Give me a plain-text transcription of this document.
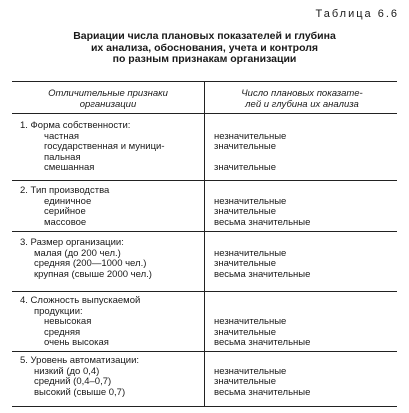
Таблица 6.6
Вариации числа плановых показателей и глубина
их анализа, обоснования, учета и контроля
по разным признакам организации
Отличительные признаки
организации
Число плановых показате-
лей и глубина их анализа
1. Форма собственности:
частная
государственная и муници-
пальная
смешанная
незначительные
значительные
значительные
2. Тип производства
единичное
серийное
массовое
незначительные
значительные
весьма значительные
3. Размер организации:
малая (до 200 чел.)
средняя (200—1000 чел.)
крупная (свыше 2000 чел.)
незначительные
значительные
весьма значительные
4. Сложность выпускаемой
продукции:
невысокая
средняя
очень высокая
незначительные
значительные
весьма значительные
5. Уровень автоматизации:
низкий (до 0,4)
средний (0,4–0,7)
высокий (свыше 0,7)
незначительные
значительные
весьма значительные
